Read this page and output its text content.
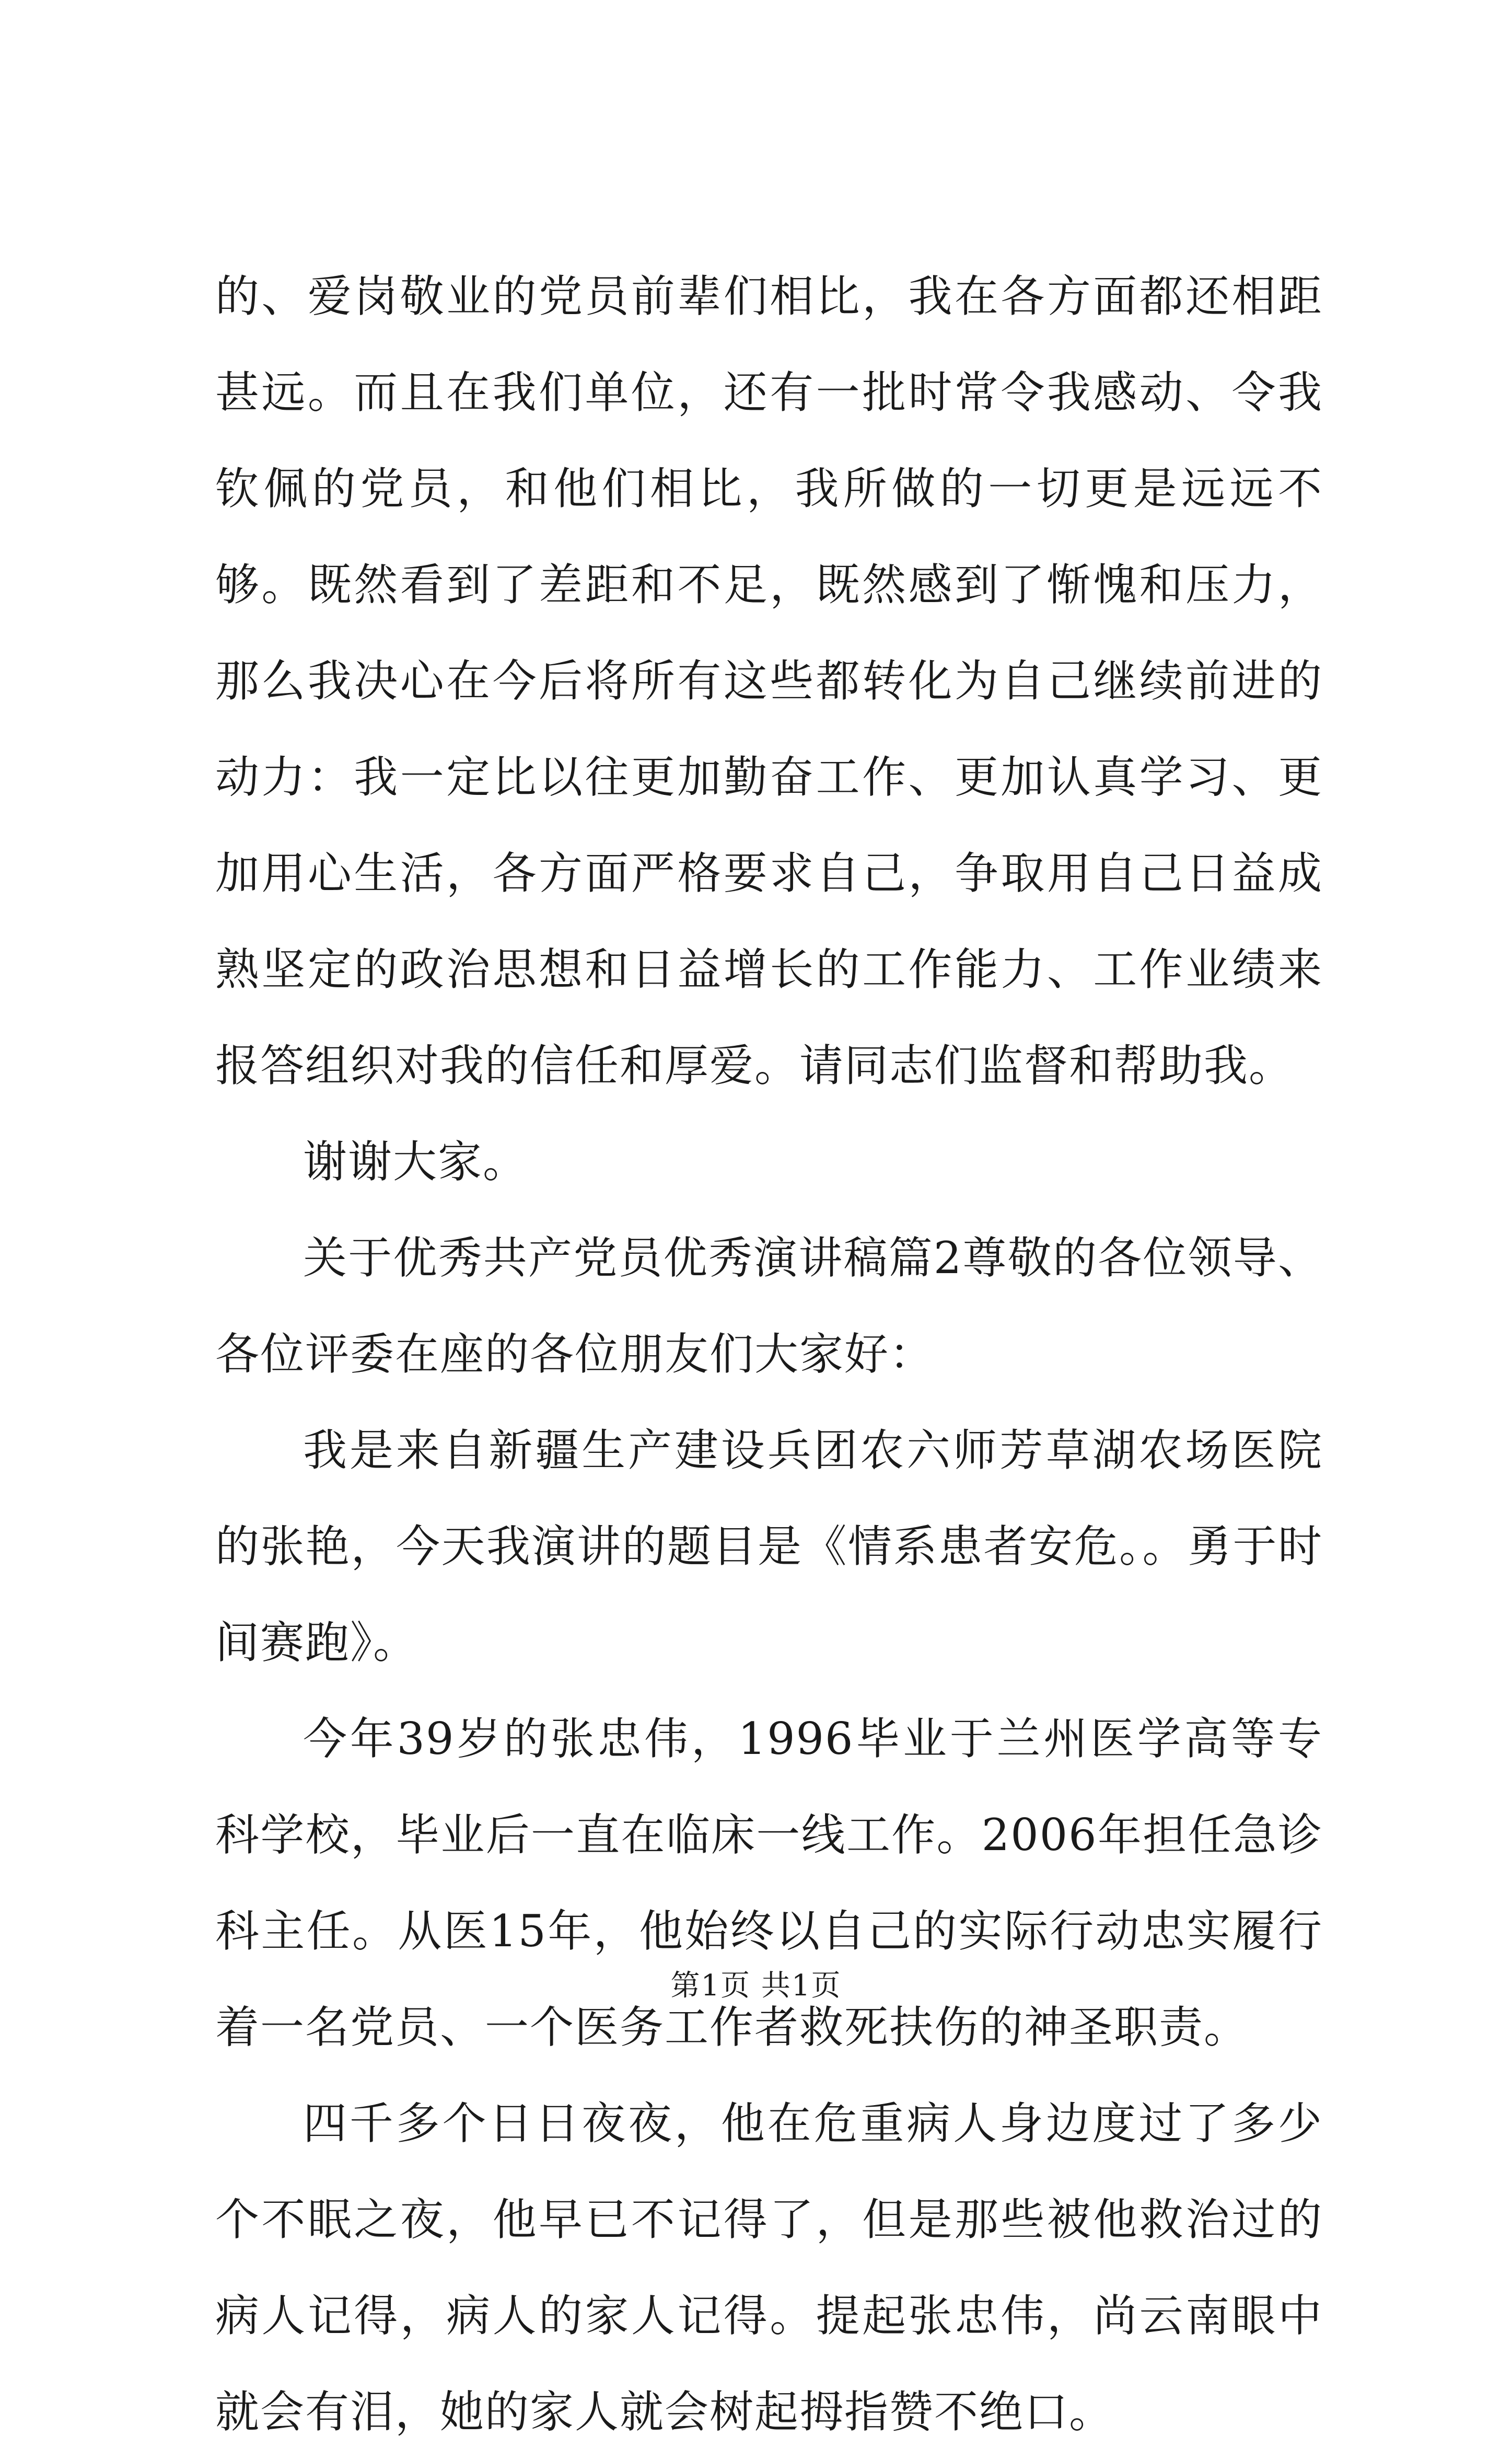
的、爱岗敬业的党员前辈们相比，我在各方面都还相距甚远。而且在我们单位，还有一批时常令我感动、令我钦佩的党员，和他们相比，我所做的一切更是远远不够。既然看到了差距和不足，既然感到了惭愧和压力，那么我决心在今后将所有这些都转化为自己继续前进的动力：我一定比以往更加勤奋工作、更加认真学习、更加用心生活，各方面严格要求自己，争取用自己日益成熟坚定的政治思想和日益增长的工作能力、工作业绩来报答组织对我的信任和厚爱。请同志们监督和帮助我。

谢谢大家。

关于优秀共产党员优秀演讲稿篇2尊敬的各位领导、各位评委在座的各位朋友们大家好：

我是来自新疆生产建设兵团农六师芳草湖农场医院的张艳，今天我演讲的题目是《情系患者安危。。勇于时间赛跑》。

今年39岁的张忠伟，1996毕业于兰州医学高等专科学校，毕业后一直在临床一线工作。2006年担任急诊科主任。从医15年，他始终以自己的实际行动忠实履行着一名党员、一个医务工作者救死扶伤的神圣职责。

四千多个日日夜夜，他在危重病人身边度过了多少个不眠之夜，他早已不记得了，但是那些被他救治过的病人记得，病人的家人记得。提起张忠伟，尚云南眼中就会有泪，她的家人就会树起拇指赞不绝口。

第1页 共1页
